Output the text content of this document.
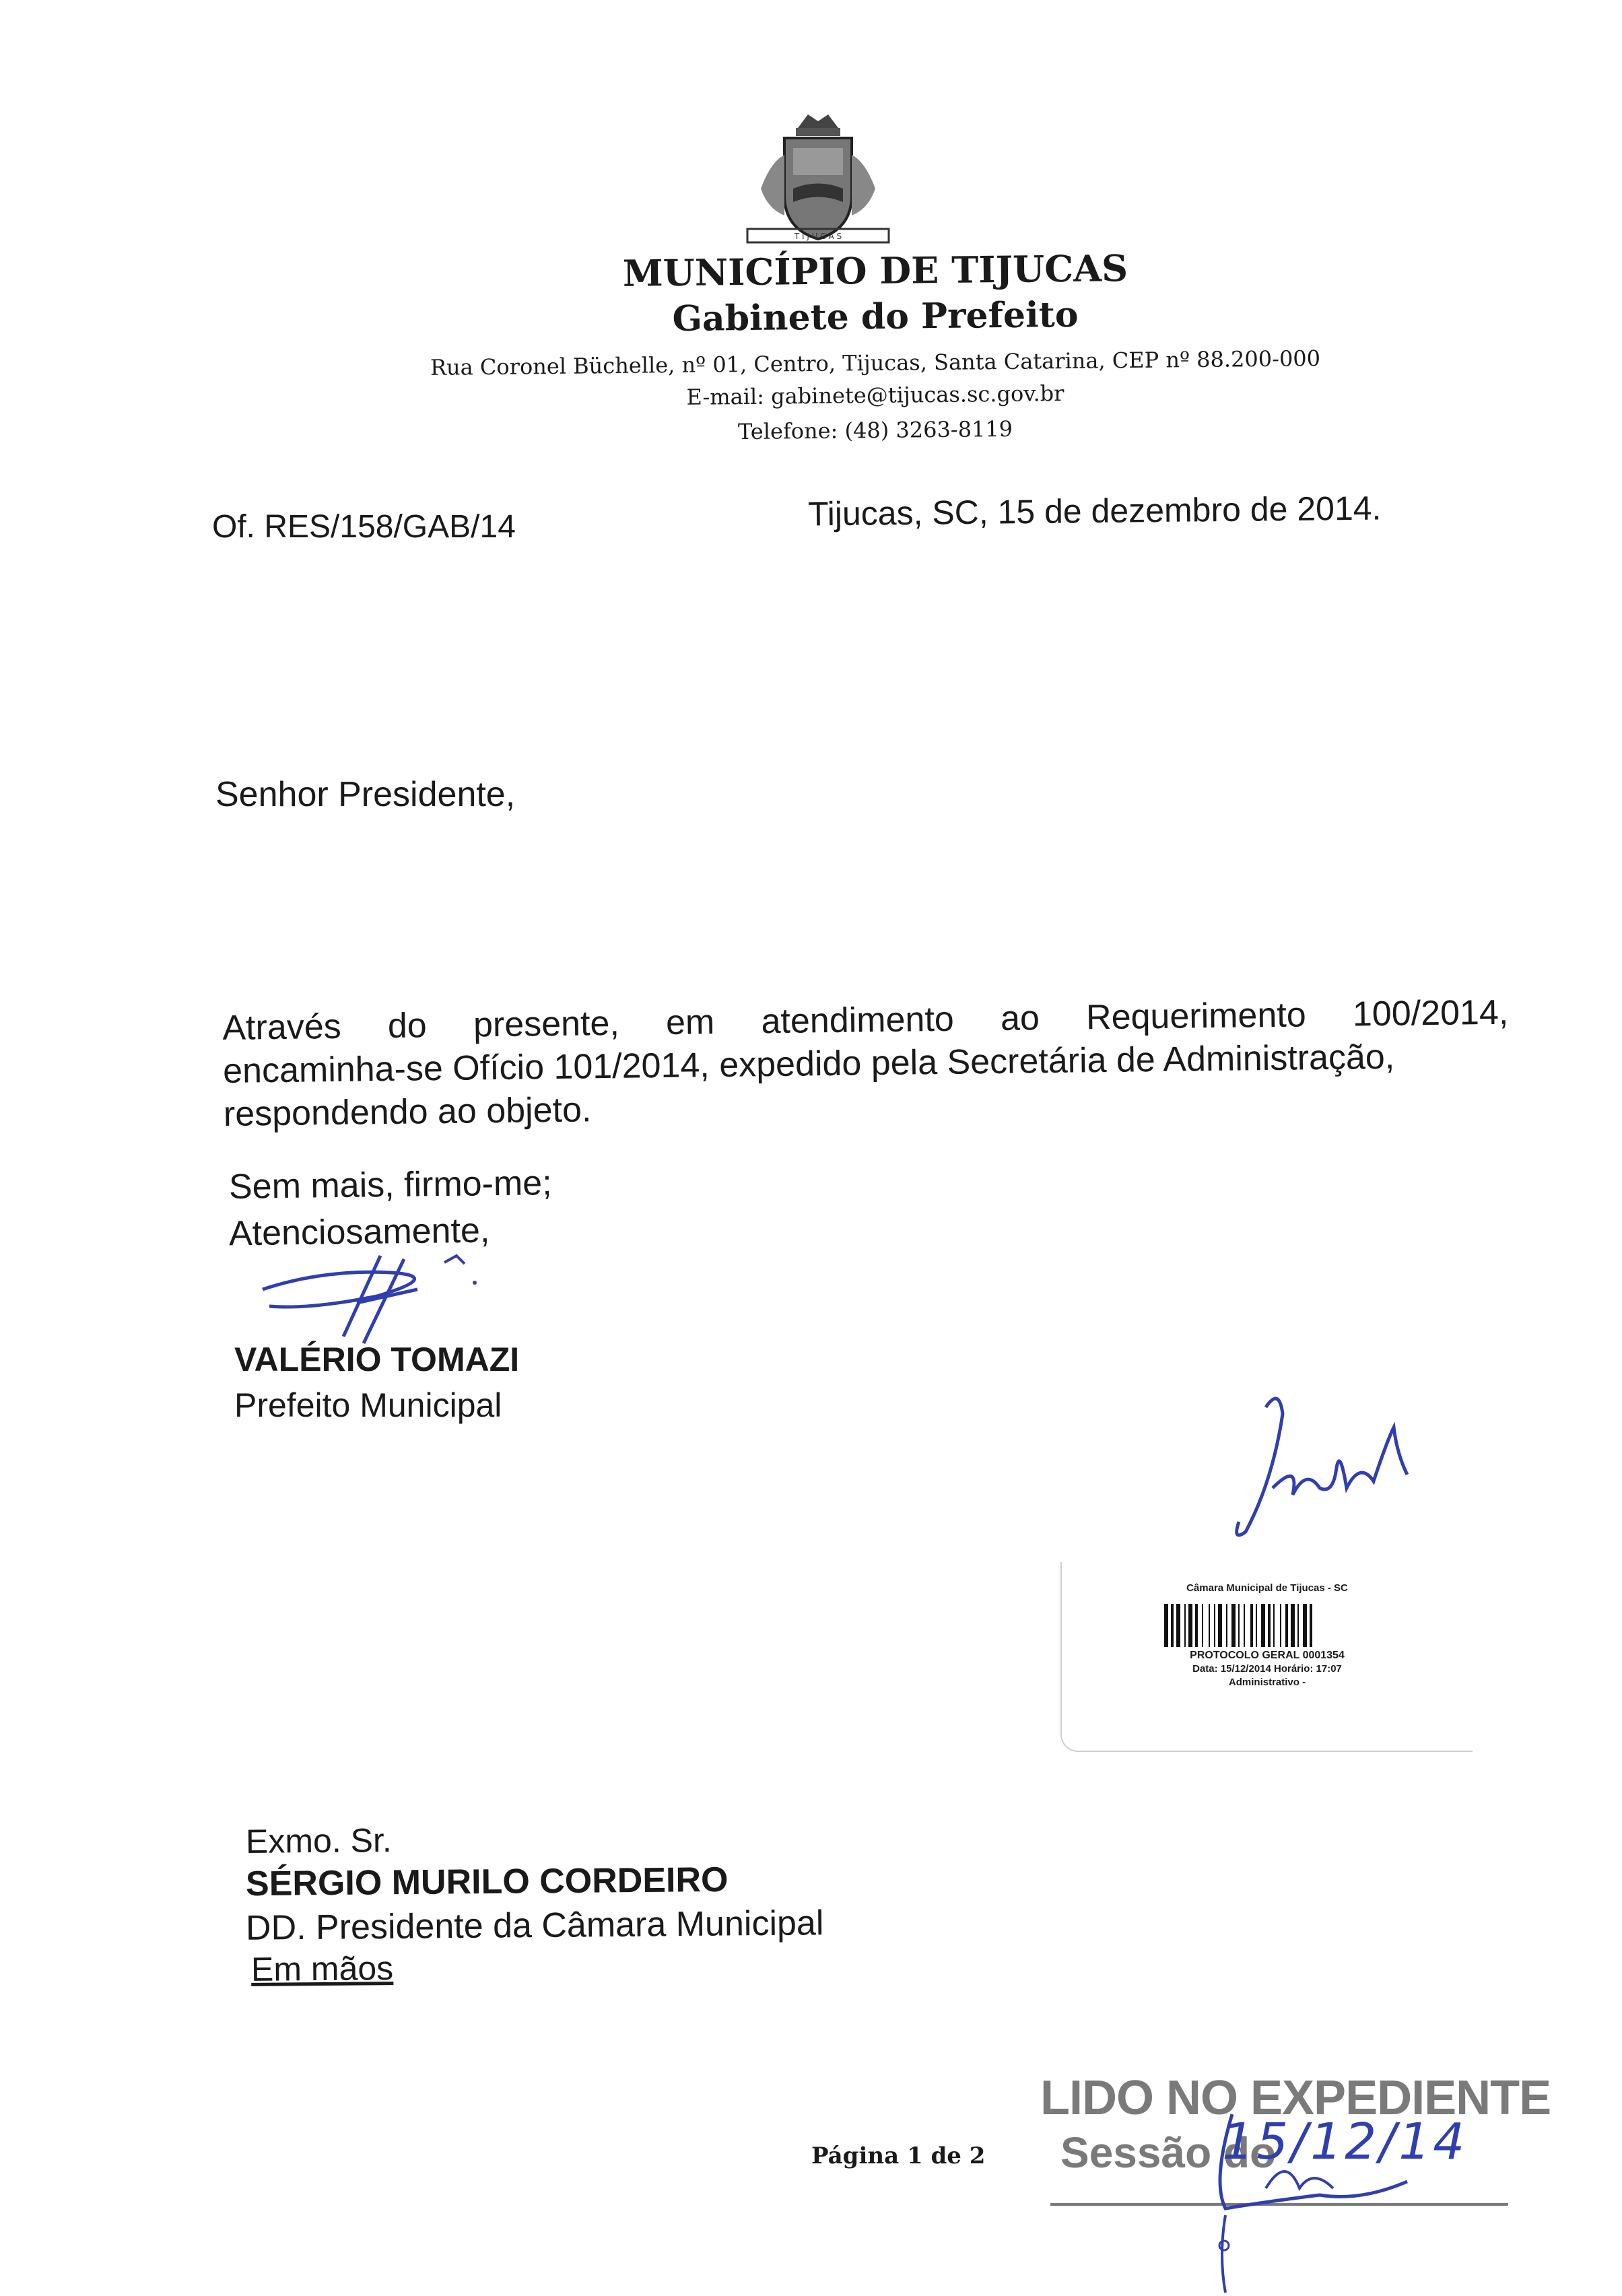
T I J U C A S
MUNICÍPIO DE TIJUCAS
Gabinete do Prefeito
Rua Coronel Büchelle, nº 01, Centro, Tijucas, Santa Catarina, CEP nº 88.200-000
E-mail: gabinete@tijucas.sc.gov.br
Telefone: (48) 3263-8119
Of. RES/158/GAB/14	Tijucas, SC, 15 de dezembro de 2014.
Senhor Presidente,
Através do presente, em atendimento ao Requerimento 100/2014,
encaminha-se Ofício 101/2014, expedido pela Secretária de Administração,
respondendo ao objeto.
Sem mais, firmo-me;
Atenciosamente,
VALÉRIO TOMAZI
Prefeito Municipal
Câmara Municipal de Tijucas - SC
PROTOCOLO GERAL 0001354
Data: 15/12/2014 Horário: 17:07
Administrativo -
Exmo. Sr.
SÉRGIO MURILO CORDEIRO
DD. Presidente da Câmara Municipal
Em mãos
Página 1 de 2
LIDO NO EXPEDIENTE
Sessão do
15/12/14
